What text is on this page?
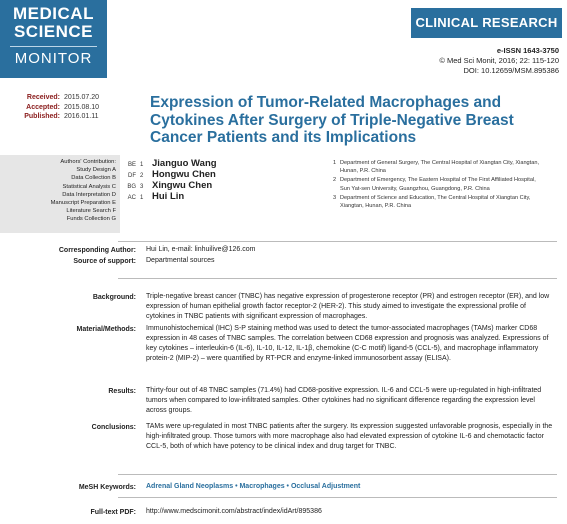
MEDICAL
SCIENCE
MONITOR
CLINICAL RESEARCH
e-ISSN 1643-3750
© Med Sci Monit, 2016; 22: 115-120
DOI: 10.12659/MSM.895386
Received: 2015.07.20
Accepted: 2015.08.10
Published: 2016.01.11
Expression of Tumor-Related Macrophages and Cytokines After Surgery of Triple-Negative Breast Cancer Patients and its Implications
Authors' Contribution:
Study Design A
Data Collection B
Statistical Analysis C
Data Interpretation D
Manuscript Preparation E
Literature Search F
Funds Collection G
BE 1 Jianguo Wang
DF 2 Hongwu Chen
BG 3 Xingwu Chen
AC 1 Hui Lin
1 Department of General Surgery, The Central Hospital of Xiangtan City, Xiangtan,
Hunan, P.R. China
2 Department of Emergency, The Eastern Hospital of The First Affiliated Hospital,
Sun Yat-sen University, Guangzhou, Guangdong, P.R. China
3 Department of Science and Education, The Central Hospital of Xiangtan City,
Xiangtan, Hunan, P.R. China
Corresponding Author: Hui Lin, e-mail: linhuilive@126.com
Source of support: Departmental sources
Background: Triple-negative breast cancer (TNBC) has negative expression of progesterone receptor (PR) and estrogen receptor (ER), and low expression of human epithelial growth factor receptor-2 (HER-2). This study aimed to investigate the expressional profile of cytokines in TNBC patients with significant expression of macrophages.
Material/Methods: Immunohistochemical (IHC) S-P staining method was used to detect the tumor-associated macrophages (TAMs) marker CD68 expression in 48 cases of TNBC samples. The correlation between CD68 expression and prognosis was analyzed. Expressions of key cytokines – interleukin-6 (IL-6), IL-10, IL-12, IL-1β, chemokine (C-C motif) ligand-5 (CCL-5), and macrophage inflammatory protein-2 (MIP-2) – were quantified by RT-PCR and enzyme-linked immunosorbent assay (ELISA).
Results: Thirty-four out of 48 TNBC samples (71.4%) had CD68-positive expression. IL-6 and CCL-5 were up-regulated in high-infiltrated tumors when compared to low-infiltrated samples. Other cytokines had no significant difference regarding the expression level across groups.
Conclusions: TAMs were up-regulated in most TNBC patients after the surgery. Its expression suggested unfavorable prognosis, especially in the high-infiltrated group. Those tumors with more macrophage also had elevated expression of cytokine IL-6 and chemotactic factor CCL-5, both of which have potency to be clinical index and drug target for TNBC.
MeSH Keywords: Adrenal Gland Neoplasms • Macrophages • Occlusal Adjustment
Full-text PDF: http://www.medscimonit.com/abstract/index/idArt/895386
